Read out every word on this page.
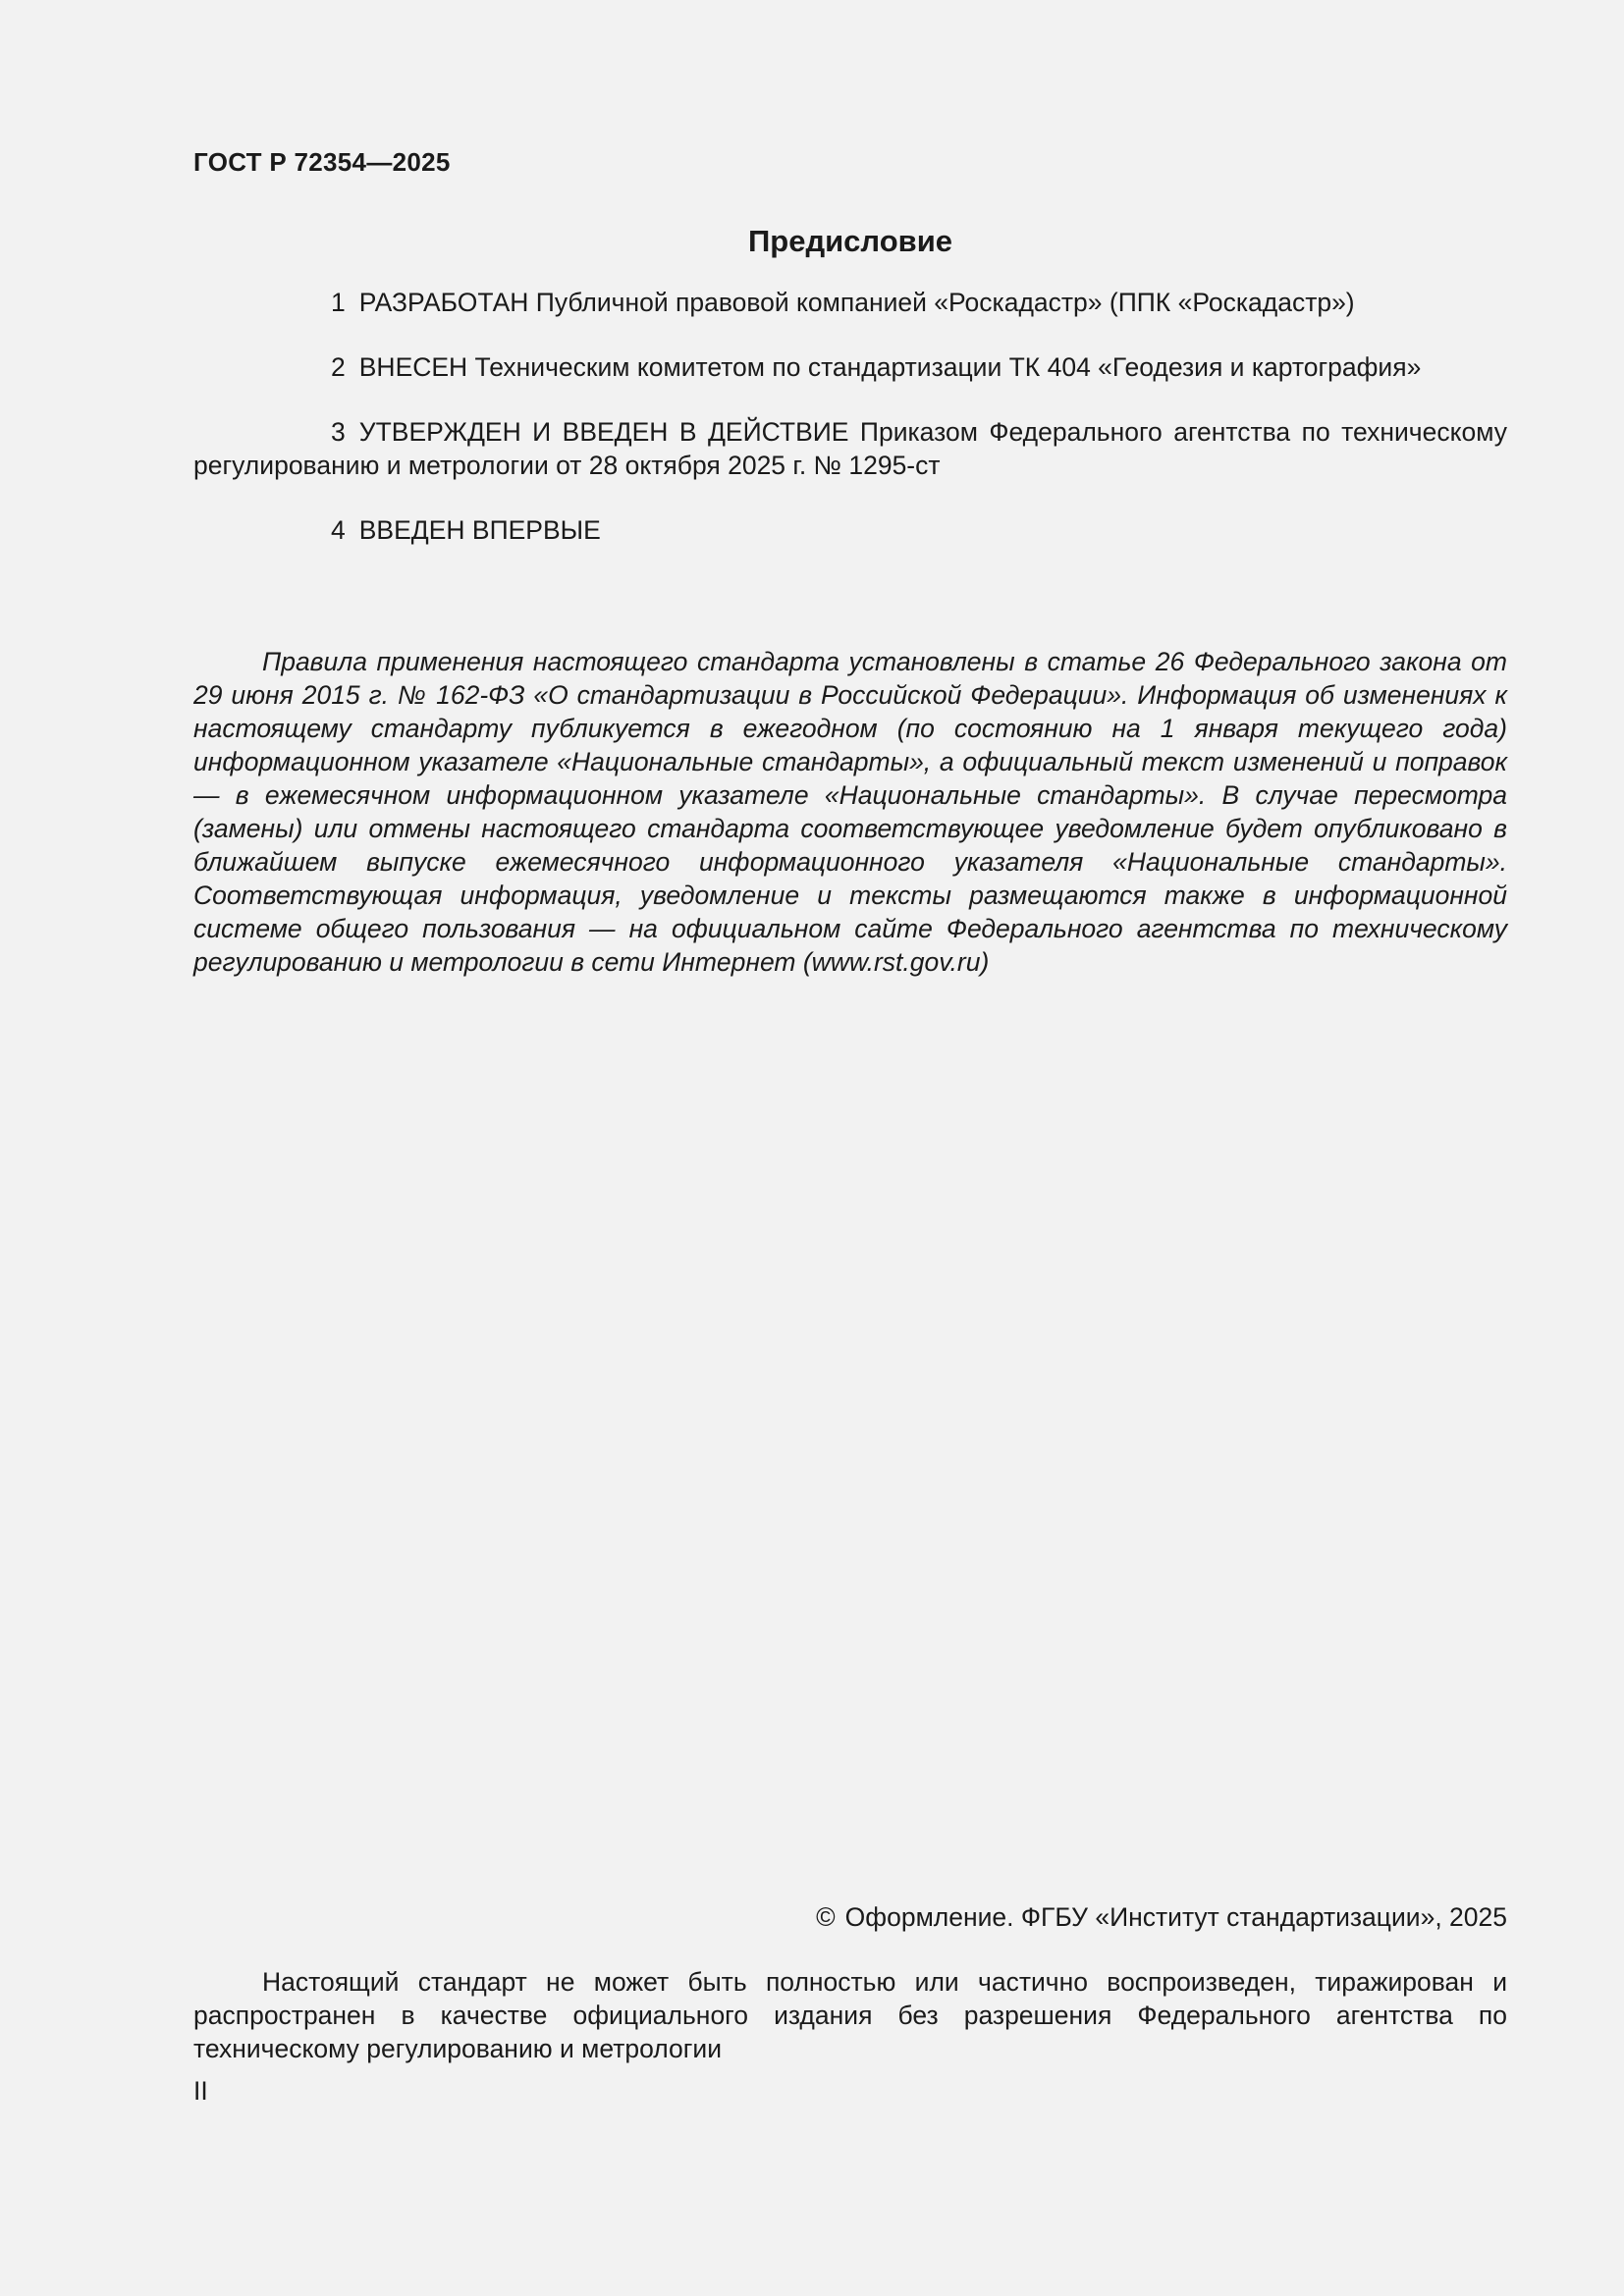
ГОСТ Р 72354—2025
Предисловие
1 РАЗРАБОТАН Публичной правовой компанией «Роскадастр» (ППК «Роскадастр»)
2 ВНЕСЕН Техническим комитетом по стандартизации ТК 404 «Геодезия и картография»
3 УТВЕРЖДЕН И ВВЕДЕН В ДЕЙСТВИЕ Приказом Федерального агентства по техническому регулированию и метрологии от 28 октября 2025 г. № 1295-ст
4 ВВЕДЕН ВПЕРВЫЕ
Правила применения настоящего стандарта установлены в статье 26 Федерального закона от 29 июня 2015 г. № 162-ФЗ «О стандартизации в Российской Федерации». Информация об изменениях к настоящему стандарту публикуется в ежегодном (по состоянию на 1 января текущего года) информационном указателе «Национальные стандарты», а официальный текст изменений и поправок — в ежемесячном информационном указателе «Национальные стандарты». В случае пересмотра (замены) или отмены настоящего стандарта соответствующее уведомление будет опубликовано в ближайшем выпуске ежемесячного информационного указателя «Национальные стандарты». Соответствующая информация, уведомление и тексты размещаются также в информационной системе общего пользования — на официальном сайте Федерального агентства по техническому регулированию и метрологии в сети Интернет (www.rst.gov.ru)
© Оформление. ФГБУ «Институт стандартизации», 2025
Настоящий стандарт не может быть полностью или частично воспроизведен, тиражирован и распространен в качестве официального издания без разрешения Федерального агентства по техническому регулированию и метрологии
II
